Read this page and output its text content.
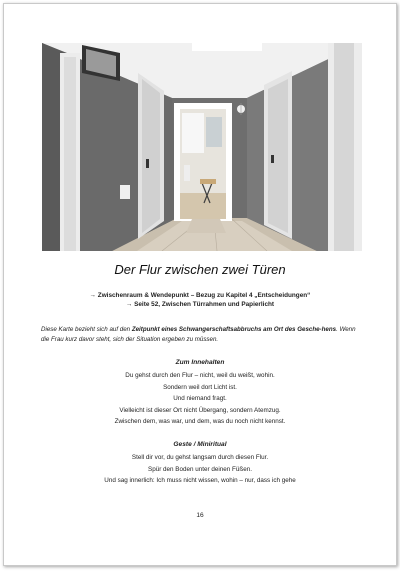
Der Flur zwischen zwei Türen
→ Zwischenraum & Wendepunkt – Bezug zu Kapitel 4 „Entscheidungen“
→ Seite 52, Zwischen Türrahmen und Papierlicht
Diese Karte bezieht sich auf den Zeitpunkt eines Schwangerschaftsabbruchs am Ort des Gesche-hens. Wenn die Frau kurz davor steht, sich der Situation ergeben zu müssen.
Zum Innehalten
Du gehst durch den Flur – nicht, weil du weißt, wohin.
Sondern weil dort Licht ist.
Und niemand fragt.
Vielleicht ist dieser Ort nicht Übergang, sondern Atemzug.
Zwischen dem, was war, und dem, was du noch nicht kennst.
Geste / Miniritual
Stell dir vor, du gehst langsam durch diesen Flur.
Spür den Boden unter deinen Füßen.
Und sag innerlich: Ich muss nicht wissen, wohin – nur, dass ich gehe
16
